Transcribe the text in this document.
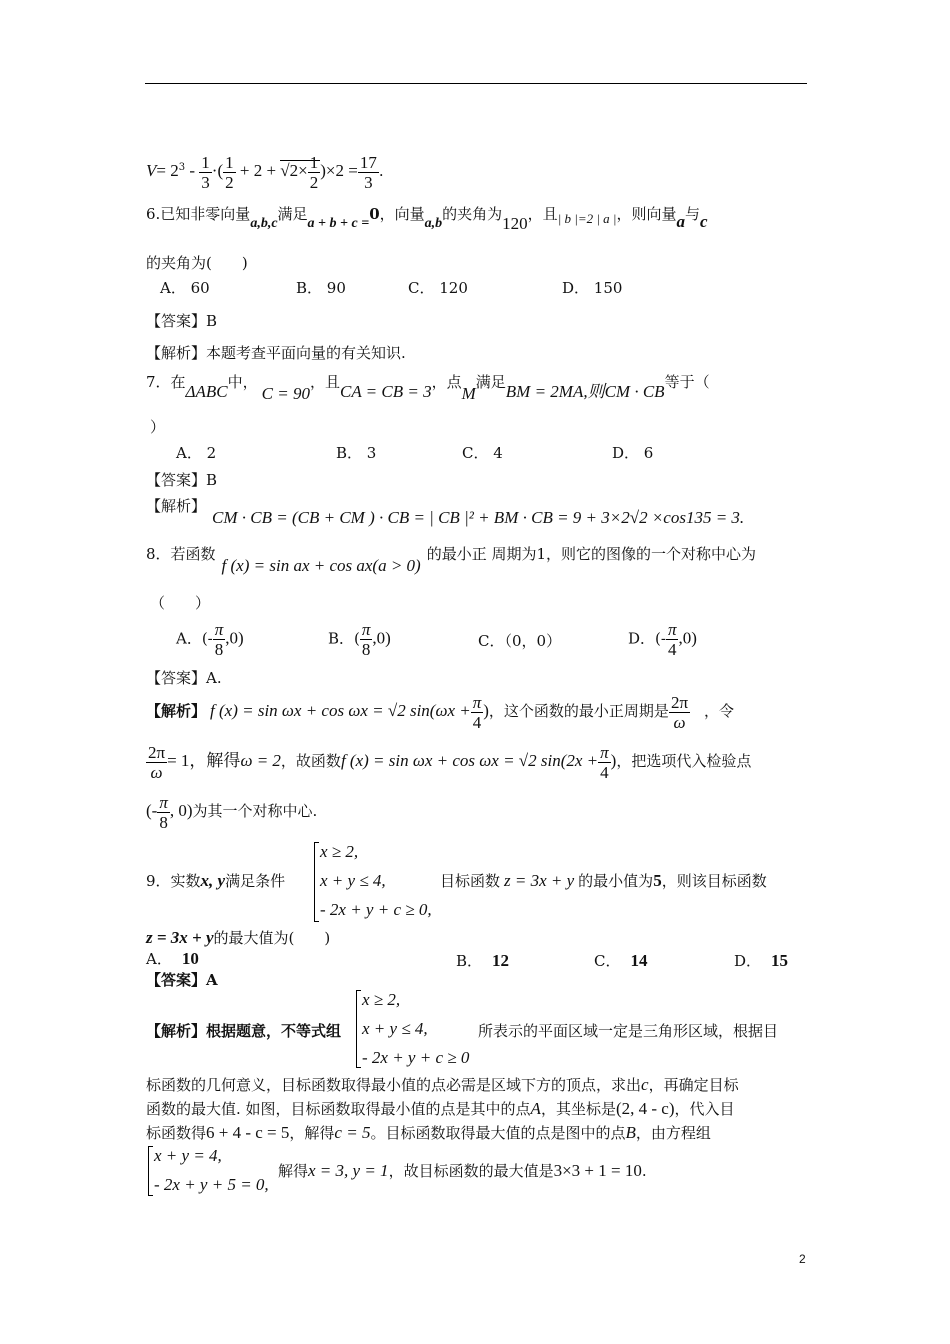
$V= 2^3 - \frac{1}{3}$ ·( $\frac{1}{2} + 2 + √2\times \frac{1}{2} )\times 2 = \frac{17}{3}$ .
6.已知非零向量a,b,c满足a + b + c =0，向量a,b的夹角为120，且| b |=2 | a |，则向量a与c
的夹角为(　　)
A． 60	B． 90	C． 120	D． 150
【答案】B
【解析】本题考查平面向量的有关知识.
7．在ΔABC中，C = 90，且CA = CB = 3，点M满足BM = 2MA,则CM · CB等于（
）
A． 2	B． 3	C． 4	D． 6
【答案】B
【解析】CM · CB = (CB + CM ) · CB = | CB |² + BM · CB = 9 + 3×2√2 ×cos135 = 3.
8．若函数f (x) = sin ax + cos ax(a > 0)的最小正 周期为1，则它的图像的一个对称中心为
（　　）
A．(- $\frac{\pi}{8} ,0$)	B．( $\frac{\pi}{8} ,0$)	C．（0，0）	D．(- $\frac{\pi}{4} ,0$)
【答案】A.
【解析】 f (x) = sin ωx + cos ωx = √2 $\sin(\omega x + \frac{\pi}{4}$ )，这个函数的最小正周期是 $\frac{2\pi}{\omega}$ ，令
$\frac{2\pi}{\omega} = 1$，解得ω = 2，故函数f (x) = sin ωx + cos ωx = √2 $\sin(2x + \frac{\pi}{4}$ )，把选项代入检验点
(- $\frac{\pi}{8}$ , 0)为其一个对称中心.
9．实数x, y满足条件
x ≥ 2,
x + y ≤ 4,
- 2x + y + c ≥ 0,
目标函数 z = 3x + y 的最小值为5，则该目标函数
z = 3x + y的最大值为(　　)
A． 10	B． 12	C． 14	D． 15
【答案】A
【解析】根据题意，不等式组
x ≥ 2,
x + y ≤ 4,
- 2x + y + c ≥ 0
所表示的平面区域一定是三角形区域，根据目
标函数的几何意义，目标函数取得最小值的点必需是区域下方的顶点，求出c，再确定目标
函数的最大值. 如图，目标函数取得最小值的点是其中的点A，其坐标是(2, 4 - c)，代入目
标函数得6 + 4 - c = 5，解得c = 5。目标函数取得最大值的点是图中的点B，由方程组
x + y = 4,
- 2x + y + 5 = 0,
解得x = 3, y = 1，故目标函数的最大值是3×3 + 1 = 10.
2
